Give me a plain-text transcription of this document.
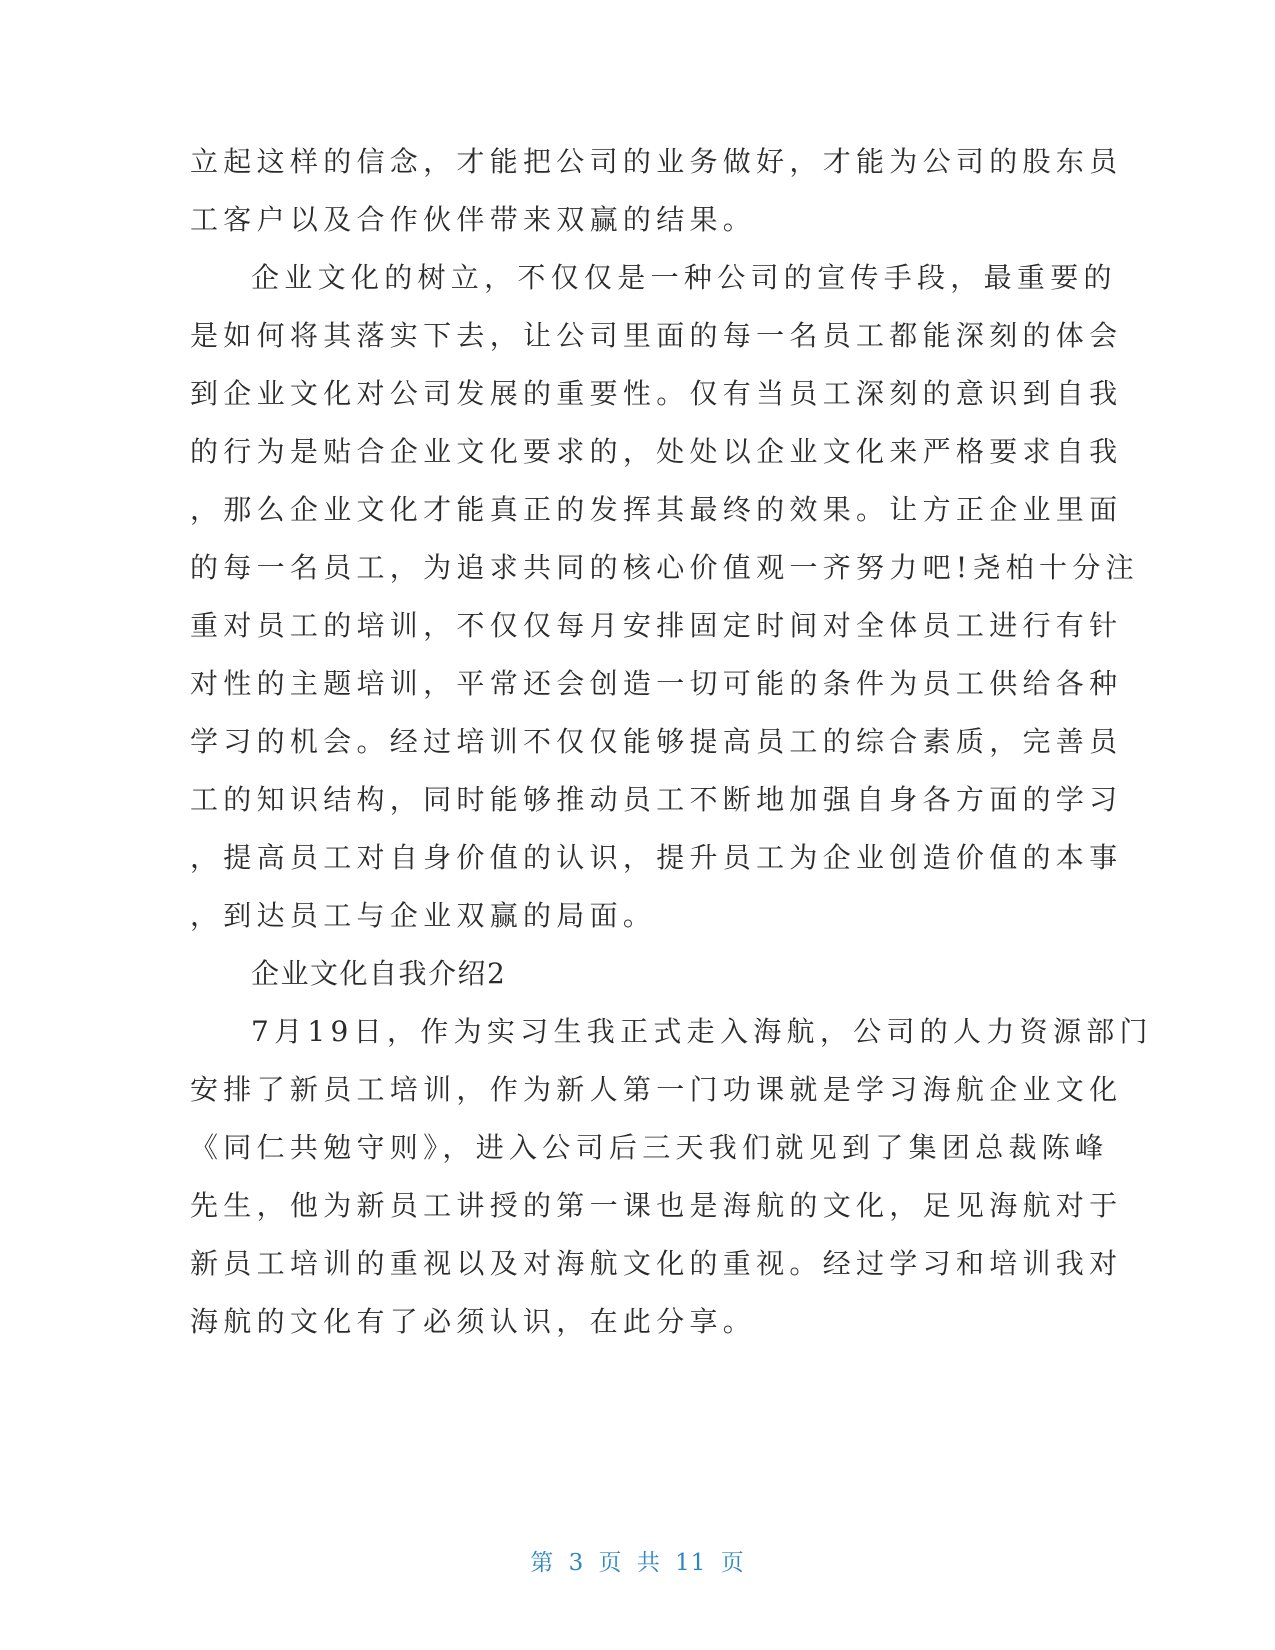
立起这样的信念，才能把公司的业务做好，才能为公司的股东员
工客户以及合作伙伴带来双赢的结果。
企业文化的树立，不仅仅是一种公司的宣传手段，最重要的
是如何将其落实下去，让公司里面的每一名员工都能深刻的体会
到企业文化对公司发展的重要性。仅有当员工深刻的意识到自我
的行为是贴合企业文化要求的，处处以企业文化来严格要求自我
，那么企业文化才能真正的发挥其最终的效果。让方正企业里面
的每一名员工，为追求共同的核心价值观一齐努力吧!尧柏十分注
重对员工的培训，不仅仅每月安排固定时间对全体员工进行有针
对性的主题培训，平常还会创造一切可能的条件为员工供给各种
学习的机会。经过培训不仅仅能够提高员工的综合素质，完善员
工的知识结构，同时能够推动员工不断地加强自身各方面的学习
，提高员工对自身价值的认识，提升员工为企业创造价值的本事
，到达员工与企业双赢的局面。
企业文化自我介绍2
7月19日，作为实习生我正式走入海航，公司的人力资源部门
安排了新员工培训，作为新人第一门功课就是学习海航企业文化
《同仁共勉守则》，进入公司后三天我们就见到了集团总裁陈峰
先生，他为新员工讲授的第一课也是海航的文化，足见海航对于
新员工培训的重视以及对海航文化的重视。经过学习和培训我对
海航的文化有了必须认识，在此分享。
第 3 页 共 11 页
